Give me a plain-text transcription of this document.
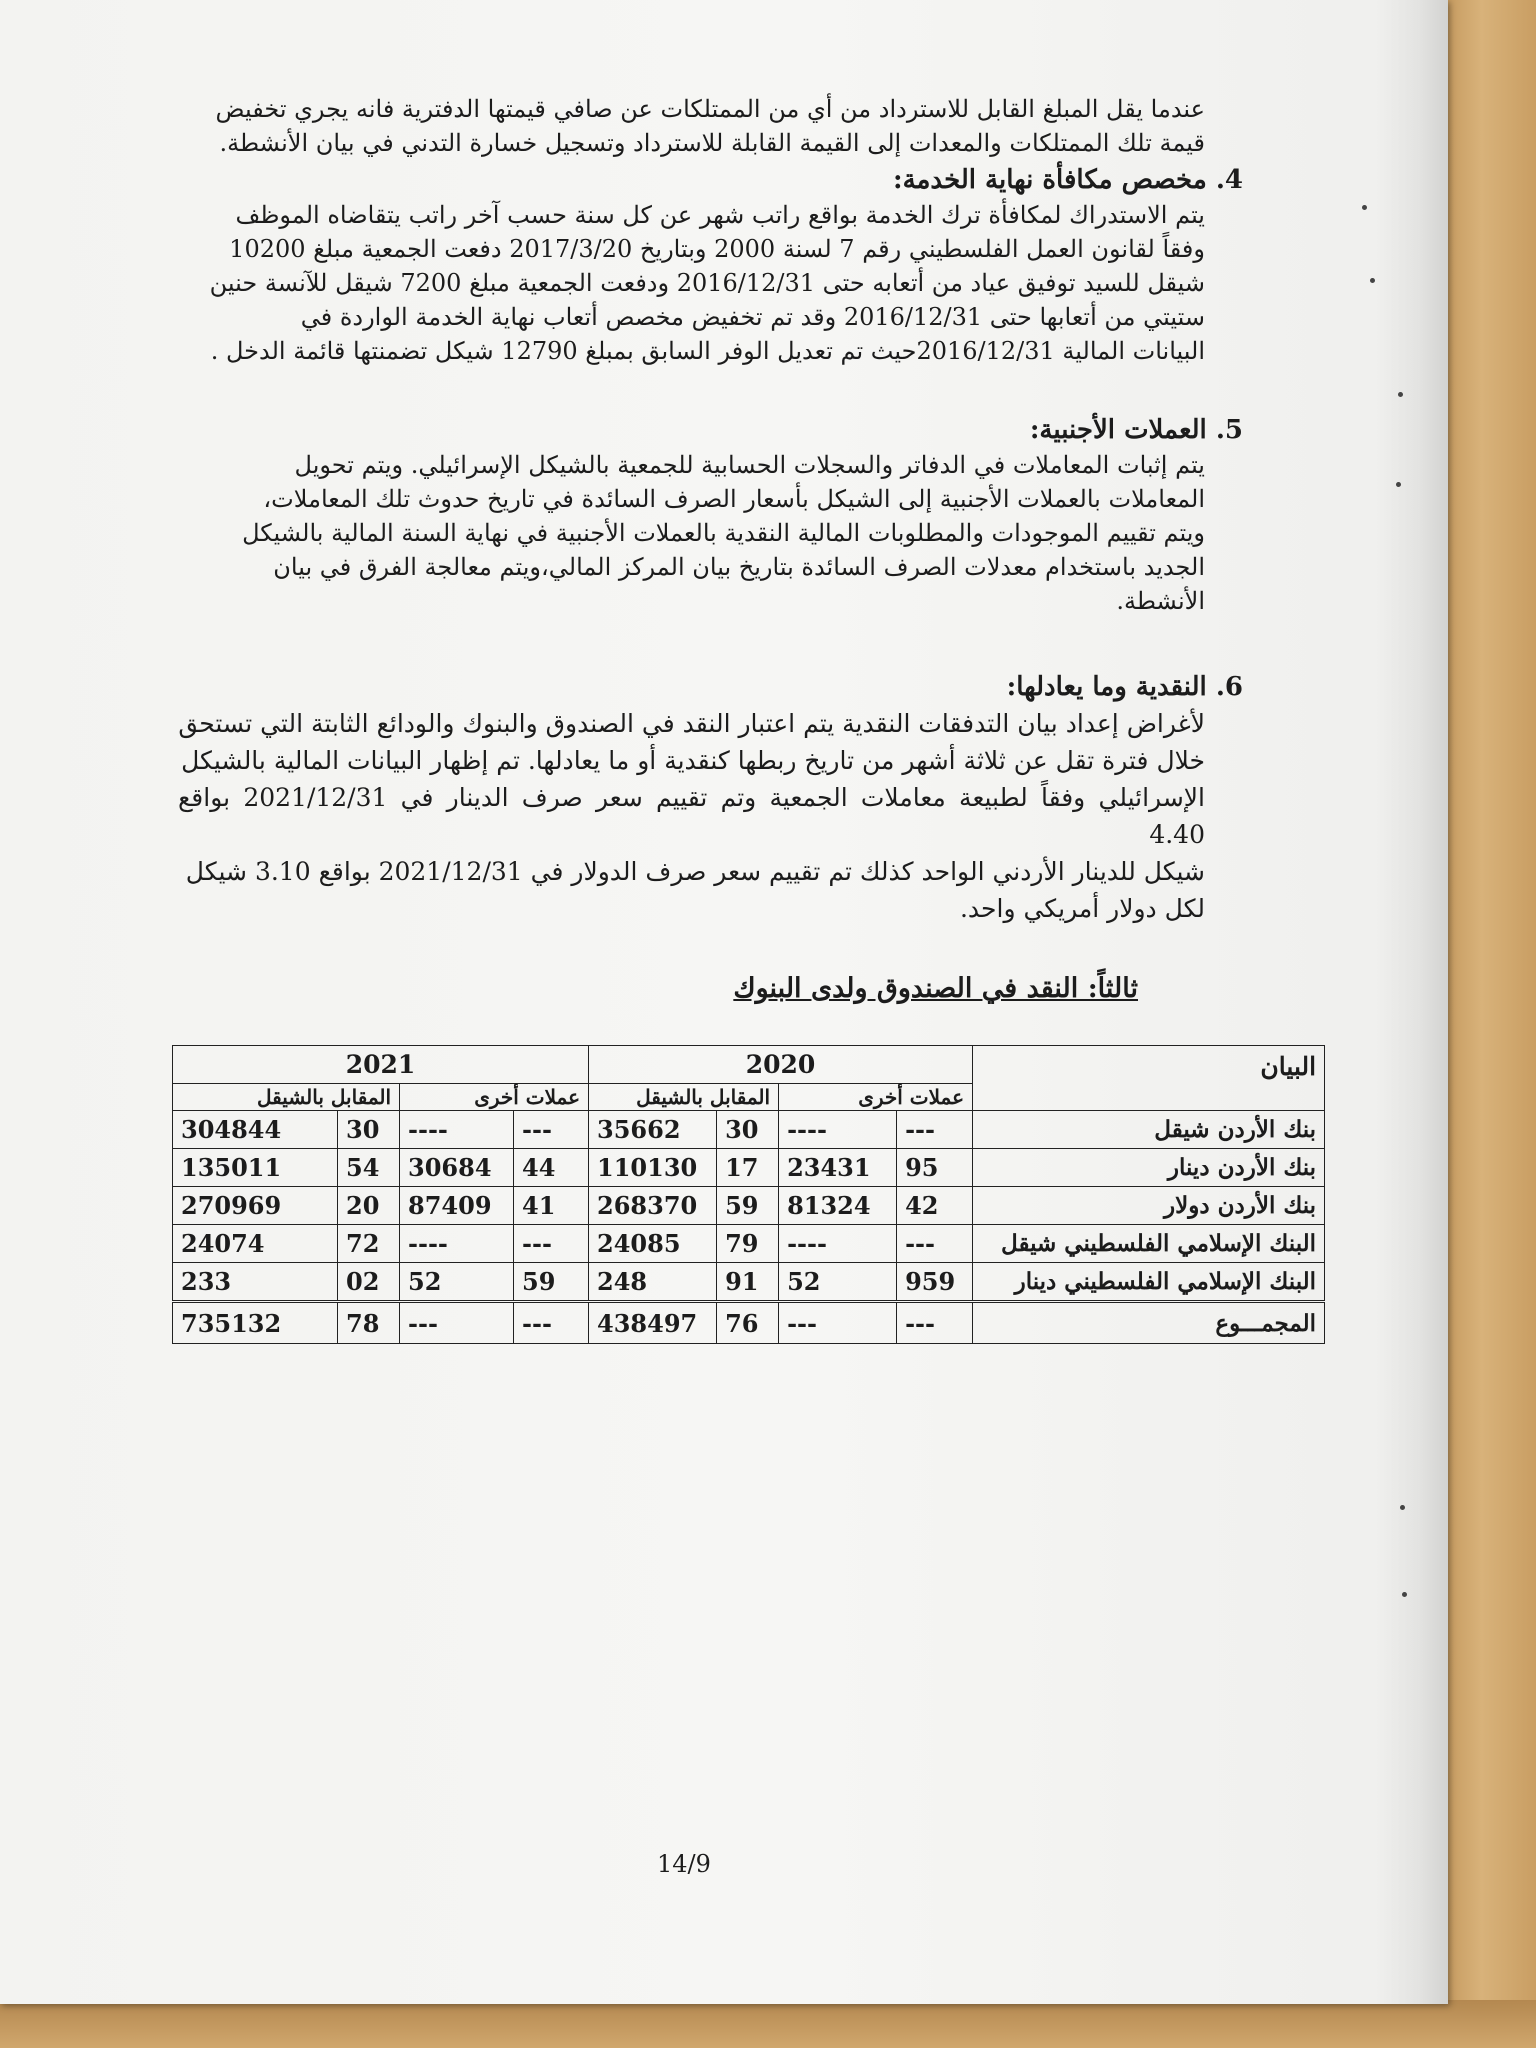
عندما يقل المبلغ القابل للاسترداد من أي من الممتلكات عن صافي قيمتها الدفترية فانه يجري تخفيض
قيمة تلك الممتلكات والمعدات إلى القيمة القابلة للاسترداد وتسجيل خسارة التدني في بيان الأنشطة.
4. مخصص مكافأة نهاية الخدمة:
يتم الاستدراك لمكافأة ترك الخدمة بواقع راتب شهر عن كل سنة حسب آخر راتب يتقاضاه الموظف
وفقاً لقانون العمل الفلسطيني رقم 7 لسنة 2000 وبتاريخ 2017/3/20 دفعت الجمعية مبلغ 10200
شيقل للسيد توفيق عياد من أتعابه حتى 2016/12/31 ودفعت الجمعية مبلغ 7200 شيقل للآنسة حنين
ستيتي من أتعابها حتى 2016/12/31 وقد تم تخفيض مخصص أتعاب نهاية الخدمة الواردة في
البيانات المالية 2016/12/31حيث تم تعديل الوفر السابق بمبلغ 12790 شيكل تضمنتها قائمة الدخل .
5. العملات الأجنبية:
يتم إثبات المعاملات في الدفاتر والسجلات الحسابية للجمعية بالشيكل الإسرائيلي. ويتم تحويل
المعاملات بالعملات الأجنبية إلى الشيكل بأسعار الصرف السائدة في تاريخ حدوث تلك المعاملات،
ويتم تقييم الموجودات والمطلوبات المالية النقدية بالعملات الأجنبية في نهاية السنة المالية بالشيكل
الجديد باستخدام معدلات الصرف السائدة بتاريخ بيان المركز المالي،ويتم معالجة الفرق في بيان
الأنشطة.
6. النقدية وما يعادلها:
لأغراض إعداد بيان التدفقات النقدية يتم اعتبار النقد في الصندوق والبنوك والودائع الثابتة التي تستحق
خلال فترة تقل عن ثلاثة أشهر من تاريخ ربطها كنقدية أو ما يعادلها. تم إظهار البيانات المالية بالشيكل
الإسرائيلي وفقاً لطبيعة معاملات الجمعية وتم تقييم سعر صرف الدينار في 2021/12/31 بواقع 4.40
شيكل للدينار الأردني الواحد كذلك تم تقييم سعر صرف الدولار في 2021/12/31 بواقع 3.10 شيكل
لكل دولار أمريكي واحد.
ثالثاً: النقد في الصندوق ولدى البنوك
البيان	2020				2021			
	عملات أخرى		المقابل بالشيقل		عملات أخرى		المقابل بالشيقل	
بنك الأردن شيقل	---	----	30	35662	---	----	30	304844
بنك الأردن دينار	95	23431	17	110130	44	30684	54	135011
بنك الأردن دولار	42	81324	59	268370	41	87409	20	270969
البنك الإسلامي الفلسطيني شيقل	---	----	79	24085	---	----	72	24074
البنك الإسلامي الفلسطيني دينار	959	52	91	248	59	52	02	233
المجمـــوع	---	---	76	438497	---	---	78	735132
14/9
